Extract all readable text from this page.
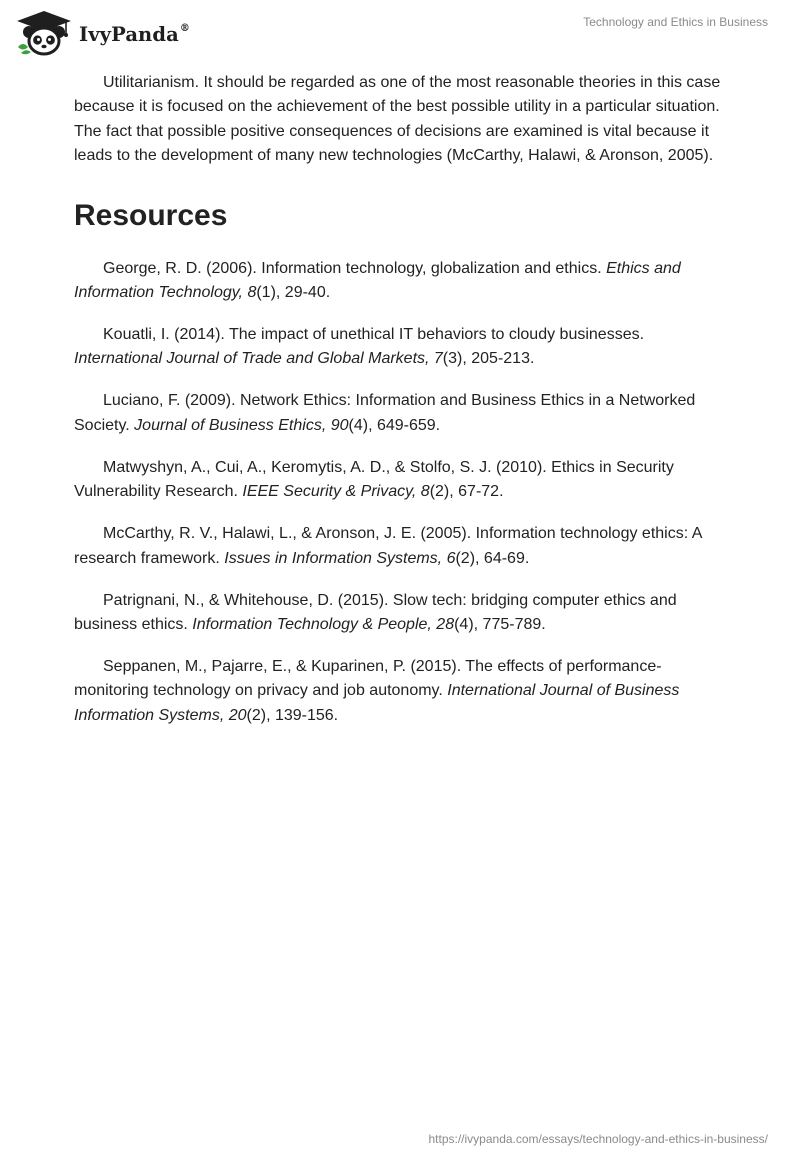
IvyPanda®	Technology and Ethics in Business

Utilitarianism. It should be regarded as one of the most reasonable theories in this case because it is focused on the achievement of the best possible utility in a particular situation. The fact that possible positive consequences of decisions are examined is vital because it leads to the development of many new technologies (McCarthy, Halawi, & Aronson, 2005).

Resources

George, R. D. (2006). Information technology, globalization and ethics. Ethics and Information Technology, 8(1), 29-40.

Kouatli, I. (2014). The impact of unethical IT behaviors to cloudy businesses. International Journal of Trade and Global Markets, 7(3), 205-213.

Luciano, F. (2009). Network Ethics: Information and Business Ethics in a Networked Society. Journal of Business Ethics, 90(4), 649-659.

Matwyshyn, A., Cui, A., Keromytis, A. D., & Stolfo, S. J. (2010). Ethics in Security Vulnerability Research. IEEE Security & Privacy, 8(2), 67-72.

McCarthy, R. V., Halawi, L., & Aronson, J. E. (2005). Information technology ethics: A research framework. Issues in Information Systems, 6(2), 64-69.

Patrignani, N., & Whitehouse, D. (2015). Slow tech: bridging computer ethics and business ethics. Information Technology & People, 28(4), 775-789.

Seppanen, M., Pajarre, E., & Kuparinen, P. (2015). The effects of performance-monitoring technology on privacy and job autonomy. International Journal of Business Information Systems, 20(2), 139-156.

https://ivypanda.com/essays/technology-and-ethics-in-business/
